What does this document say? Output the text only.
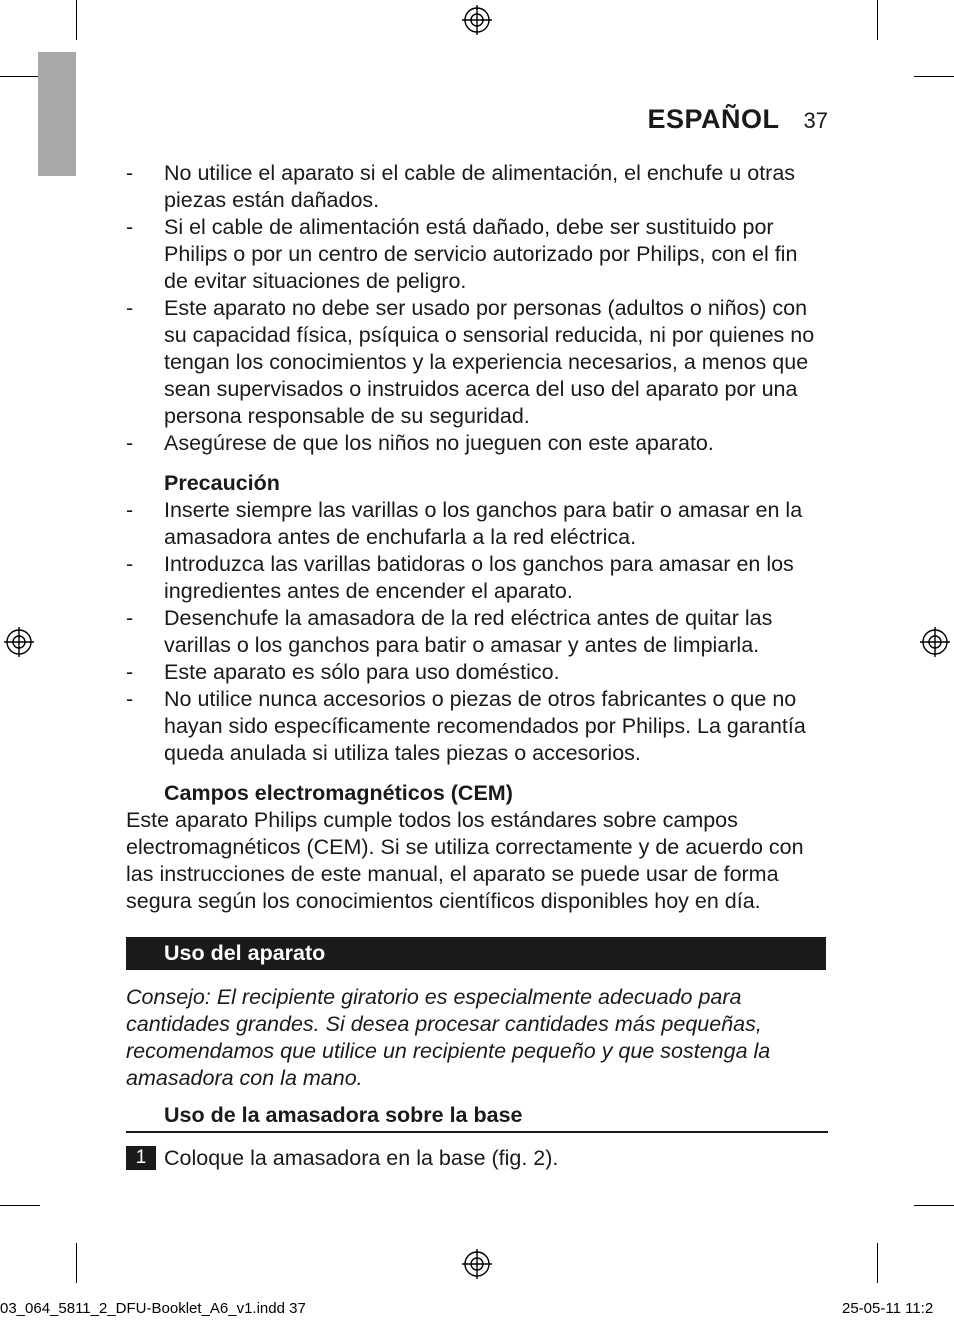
ESPAÑOL 37
- No utilice el aparato si el cable de alimentación, el enchufe u otras piezas están dañados.
- Si el cable de alimentación está dañado, debe ser sustituido por Philips o por un centro de servicio autorizado por Philips, con el fin de evitar situaciones de peligro.
- Este aparato no debe ser usado por personas (adultos o niños) con su capacidad física, psíquica o sensorial reducida, ni por quienes no tengan los conocimientos y la experiencia necesarios, a menos que sean supervisados o instruidos acerca del uso del aparato por una persona responsable de su seguridad.
- Asegúrese de que los niños no jueguen con este aparato.
Precaución
- Inserte siempre las varillas o los ganchos para batir o amasar en la amasadora antes de enchufarla a la red eléctrica.
- Introduzca las varillas batidoras o los ganchos para amasar en los ingredientes antes de encender el aparato.
- Desenchufe la amasadora de la red eléctrica antes de quitar las varillas o los ganchos para batir o amasar y antes de limpiarla.
- Este aparato es sólo para uso doméstico.
- No utilice nunca accesorios o piezas de otros fabricantes o que no hayan sido específicamente recomendados por Philips. La garantía queda anulada si utiliza tales piezas o accesorios.
Campos electromagnéticos (CEM)

Este aparato Philips cumple todos los estándares sobre campos electromagnéticos (CEM). Si se utiliza correctamente y de acuerdo con las instrucciones de este manual, el aparato se puede usar de forma segura según los conocimientos científicos disponibles hoy en día.

Uso del aparato

Consejo: El recipiente giratorio es especialmente adecuado para cantidades grandes. Si desea procesar cantidades más pequeñas, recomendamos que utilice un recipiente pequeño y que sostenga la amasadora con la mano.

Uso de la amasadora sobre la base
1 Coloque la amasadora en la base (fig. 2).
03_064_5811_2_DFU-Booklet_A6_v1.indd 37	25-05-11 11:2
